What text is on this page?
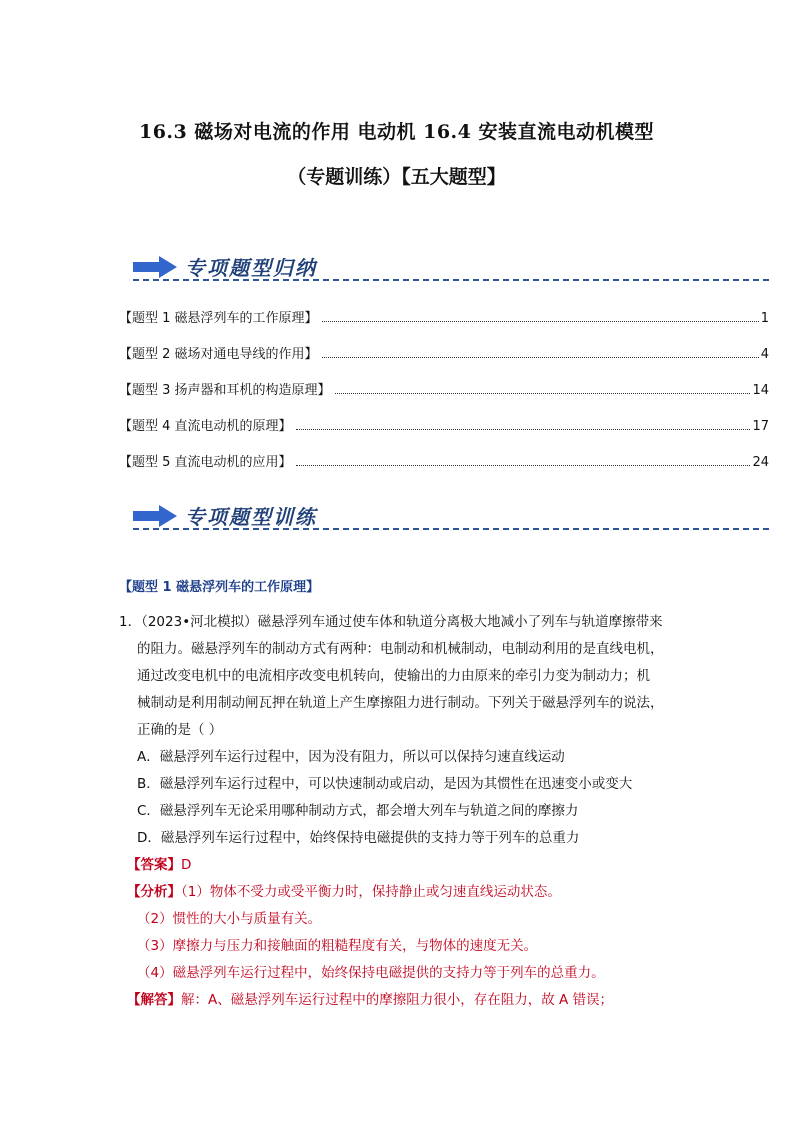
16.3 磁场对电流的作用 电动机 16.4 安装直流电动机模型
（专题训练）【五大题型】
专项题型归纳
【题型 1 磁悬浮列车的工作原理】	1
【题型 2 磁场对通电导线的作用】	4
【题型 3 扬声器和耳机的构造原理】	14
【题型 4 直流电动机的原理】	17
【题型 5 直流电动机的应用】	24
专项题型训练
【题型 1 磁悬浮列车的工作原理】
1．（2023•河北模拟）磁悬浮列车通过使车体和轨道分离极大地减小了列车与轨道摩擦带来
的阻力。磁悬浮列车的制动方式有两种：电制动和机械制动，电制动利用的是直线电机，
通过改变电机中的电流相序改变电机转向，使输出的力由原来的牵引力变为制动力；机
械制动是利用制动闸瓦押在轨道上产生摩擦阻力进行制动。下列关于磁悬浮列车的说法，
正确的是（ ）
A．磁悬浮列车运行过程中，因为没有阻力，所以可以保持匀速直线运动
B．磁悬浮列车运行过程中，可以快速制动或启动，是因为其惯性在迅速变小或变大
C．磁悬浮列车无论采用哪种制动方式，都会增大列车与轨道之间的摩擦力
D．磁悬浮列车运行过程中，始终保持电磁提供的支持力等于列车的总重力
【答案】D
【分析】（1）物体不受力或受平衡力时，保持静止或匀速直线运动状态。
（2）惯性的大小与质量有关。
（3）摩擦力与压力和接触面的粗糙程度有关，与物体的速度无关。
（4）磁悬浮列车运行过程中，始终保持电磁提供的支持力等于列车的总重力。
【解答】解：A、磁悬浮列车运行过程中的摩擦阻力很小，存在阻力，故 A 错误；
